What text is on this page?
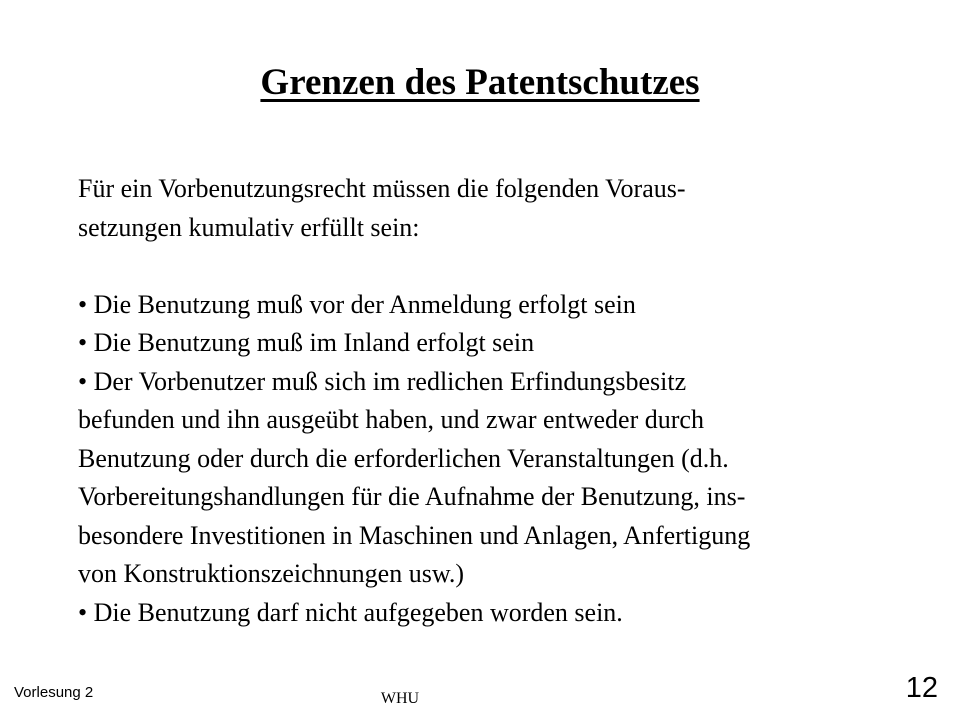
Grenzen des Patentschutzes
Für ein Vorbenutzungsrecht müssen die folgenden Voraus-
setzungen kumulativ erfüllt sein:
• Die Benutzung muß vor der Anmeldung erfolgt sein
• Die Benutzung muß im Inland erfolgt sein
• Der Vorbenutzer muß sich im redlichen Erfindungsbesitz
befunden und ihn ausgeübt haben, und zwar entweder durch
Benutzung oder durch die erforderlichen Veranstaltungen (d.h.
Vorbereitungshandlungen für die Aufnahme der Benutzung, ins-
besondere Investitionen in Maschinen und Anlagen, Anfertigung
von Konstruktionszeichnungen usw.)
• Die Benutzung darf nicht aufgegeben worden sein.
Vorlesung 2	WHU	12
